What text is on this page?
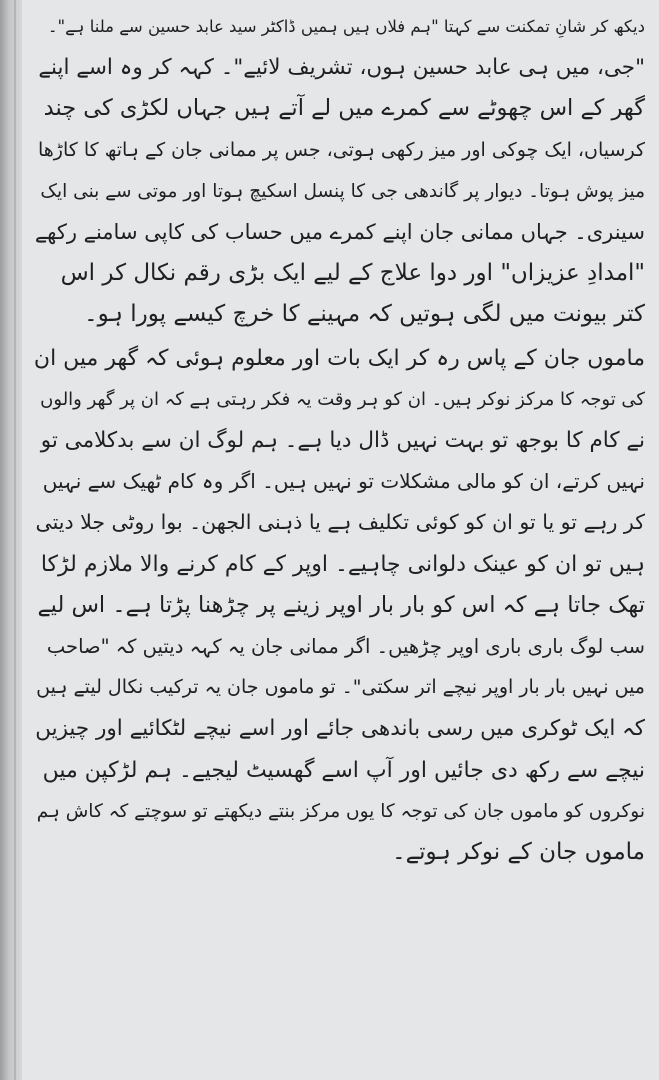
دیکھ کر شانِ تمکنت سے کہتا "ہم فلاں ہیں ہمیں ڈاکٹر سید عابد حسین سے ملنا ہے"۔
"جی، میں ہی عابد حسین ہوں، تشریف لائیے"۔ کہہ کر وہ اسے اپنے
گھر کے اس چھوٹے سے کمرے میں لے آتے ہیں جہاں لکڑی کی چند
کرسیاں، ایک چوکی اور میز رکھی ہوتی، جس پر ممانی جان کے ہاتھ کا کاڑھا
میز پوش ہوتا۔ دیوار پر گاندھی جی کا پنسل اسکیچ ہوتا اور موتی سے بنی ایک
سینری۔ جہاں ممانی جان اپنے کمرے میں حساب کی کاپی سامنے رکھے
"امدادِ عزیزاں" اور دوا علاج کے لیے ایک بڑی رقم نکال کر اس
کتر بیونت میں لگی ہوتیں کہ مہینے کا خرچ کیسے پورا ہو۔
ماموں جان کے پاس رہ کر ایک بات اور معلوم ہوئی کہ گھر میں ان
کی توجہ کا مرکز نوکر ہیں۔ ان کو ہر وقت یہ فکر رہتی ہے کہ ان پر گھر والوں
نے کام کا بوجھ تو بہت نہیں ڈال دیا ہے۔ ہم لوگ ان سے بدکلامی تو
نہیں کرتے، ان کو مالی مشکلات تو نہیں ہیں۔ اگر وہ کام ٹھیک سے نہیں
کر رہے تو یا تو ان کو کوئی تکلیف ہے یا ذہنی الجھن۔ بوا روٹی جلا دیتی
ہیں تو ان کو عینک دلوانی چاہیے۔ اوپر کے کام کرنے والا ملازم لڑکا
تھک جاتا ہے کہ اس کو بار بار اوپر زینے پر چڑھنا پڑتا ہے۔ اس لیے
سب لوگ باری باری اوپر چڑھیں۔ اگر ممانی جان یہ کہہ دیتیں کہ "صاحب
میں نہیں بار بار اوپر نیچے اتر سکتی"۔ تو ماموں جان یہ ترکیب نکال لیتے ہیں
کہ ایک ٹوکری میں رسی باندھی جائے اور اسے نیچے لٹکائیے اور چیزیں
نیچے سے رکھ دی جائیں اور آپ اسے گھسیٹ لیجیے۔ ہم لڑکپن میں
نوکروں کو ماموں جان کی توجہ کا یوں مرکز بنتے دیکھتے تو سوچتے کہ کاش ہم
ماموں جان کے نوکر ہوتے۔
